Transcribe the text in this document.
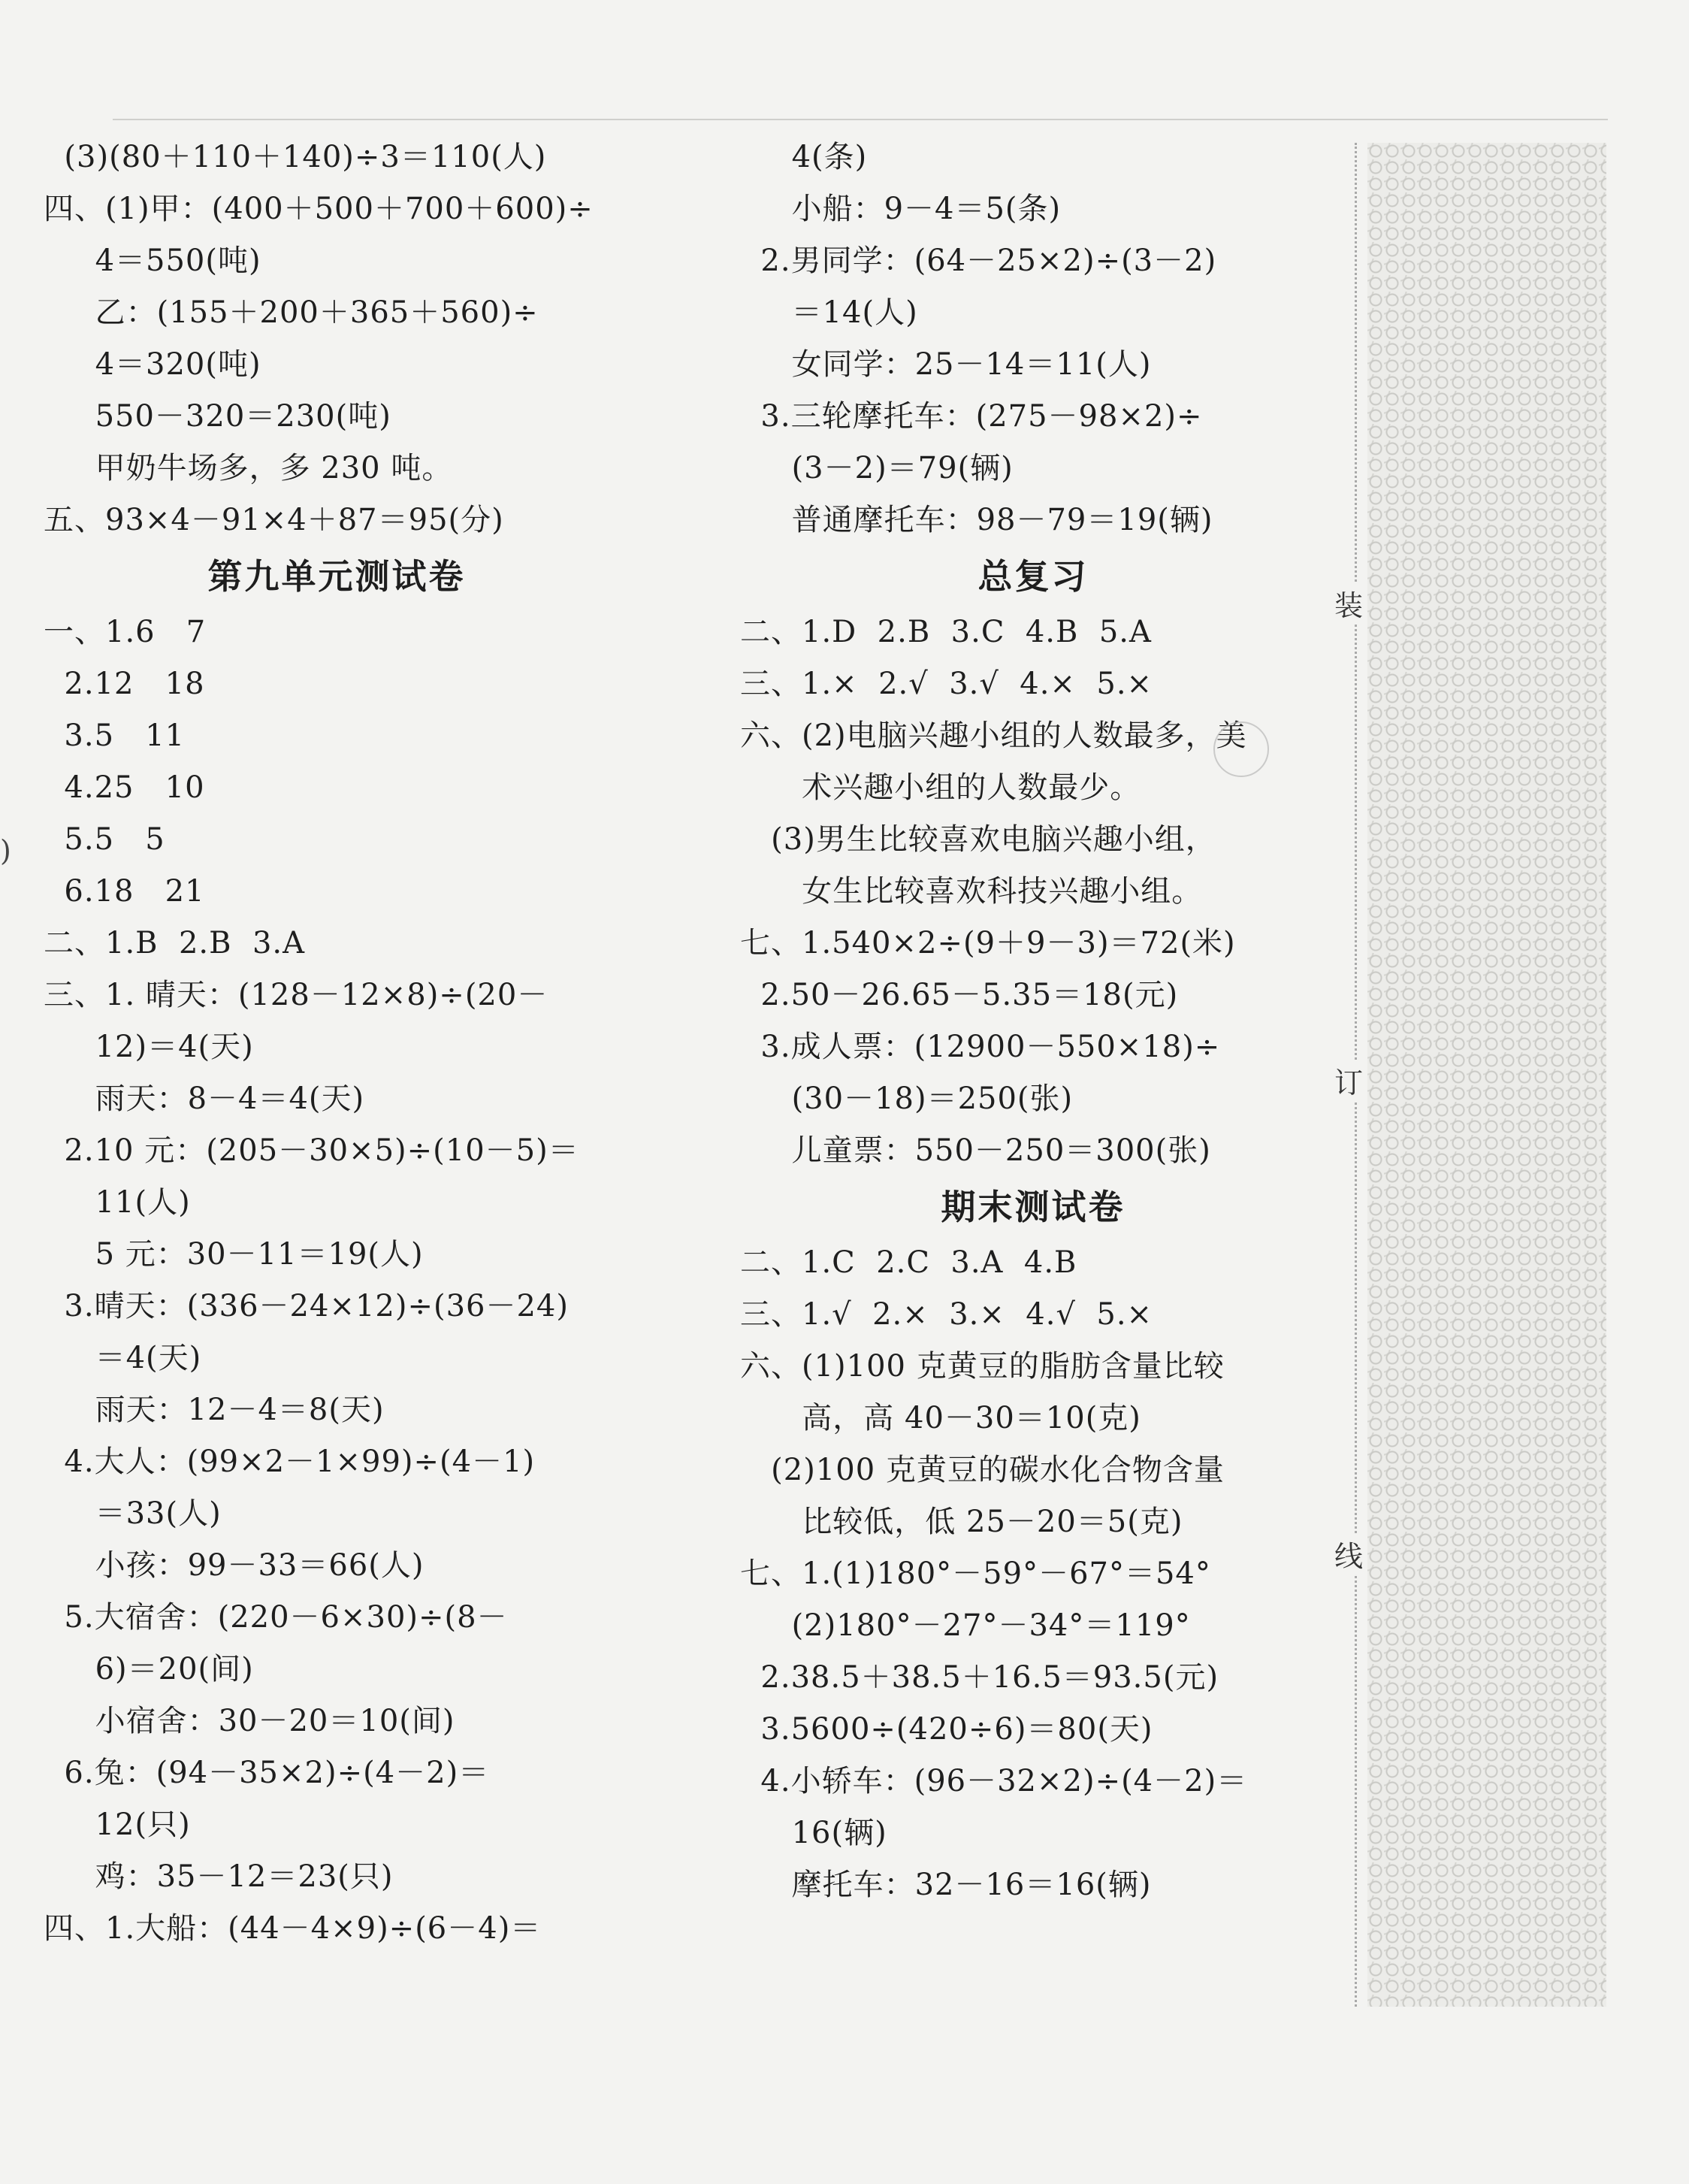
(3)(80＋110＋140)÷3＝110(人)
四、(1)甲：(400＋500＋700＋600)÷
4＝550(吨)
乙：(155＋200＋365＋560)÷
4＝320(吨)
550－320＝230(吨)
甲奶牛场多，多 230 吨。
五、93×4－91×4＋87＝95(分)
第九单元测试卷
一、1.6   7
2.12   18
3.5   11
4.25   10
5.5   5
6.18   21
二、1.B  2.B  3.A
三、1. 晴天：(128－12×8)÷(20－
12)＝4(天)
雨天：8－4＝4(天)
2.10 元：(205－30×5)÷(10－5)＝
11(人)
5 元：30－11＝19(人)
3.晴天：(336－24×12)÷(36－24)
＝4(天)
雨天：12－4＝8(天)
4.大人：(99×2－1×99)÷(4－1)
＝33(人)
小孩：99－33＝66(人)
5.大宿舍：(220－6×30)÷(8－
6)＝20(间)
小宿舍：30－20＝10(间)
6.兔：(94－35×2)÷(4－2)＝
12(只)
鸡：35－12＝23(只)
四、1.大船：(44－4×9)÷(6－4)＝
4(条)
小船：9－4＝5(条)
2.男同学：(64－25×2)÷(3－2)
＝14(人)
女同学：25－14＝11(人)
3.三轮摩托车：(275－98×2)÷
(3－2)＝79(辆)
普通摩托车：98－79＝19(辆)
总复习
二、1.D  2.B  3.C  4.B  5.A
三、1.×  2.√  3.√  4.×  5.×
六、(2)电脑兴趣小组的人数最多，美
术兴趣小组的人数最少。
(3)男生比较喜欢电脑兴趣小组，
女生比较喜欢科技兴趣小组。
七、1.540×2÷(9＋9－3)＝72(米)
2.50－26.65－5.35＝18(元)
3.成人票：(12900－550×18)÷
(30－18)＝250(张)
儿童票：550－250＝300(张)
期末测试卷
二、1.C  2.C  3.A  4.B
三、1.√  2.×  3.×  4.√  5.×
六、(1)100 克黄豆的脂肪含量比较
高，高 40－30＝10(克)
(2)100 克黄豆的碳水化合物含量
比较低，低 25－20＝5(克)
七、1.(1)180°－59°－67°＝54°
(2)180°－27°－34°＝119°
2.38.5＋38.5＋16.5＝93.5(元)
3.5600÷(420÷6)＝80(天)
4.小轿车：(96－32×2)÷(4－2)＝
16(辆)
摩托车：32－16＝16(辆)
装
订
线
)
